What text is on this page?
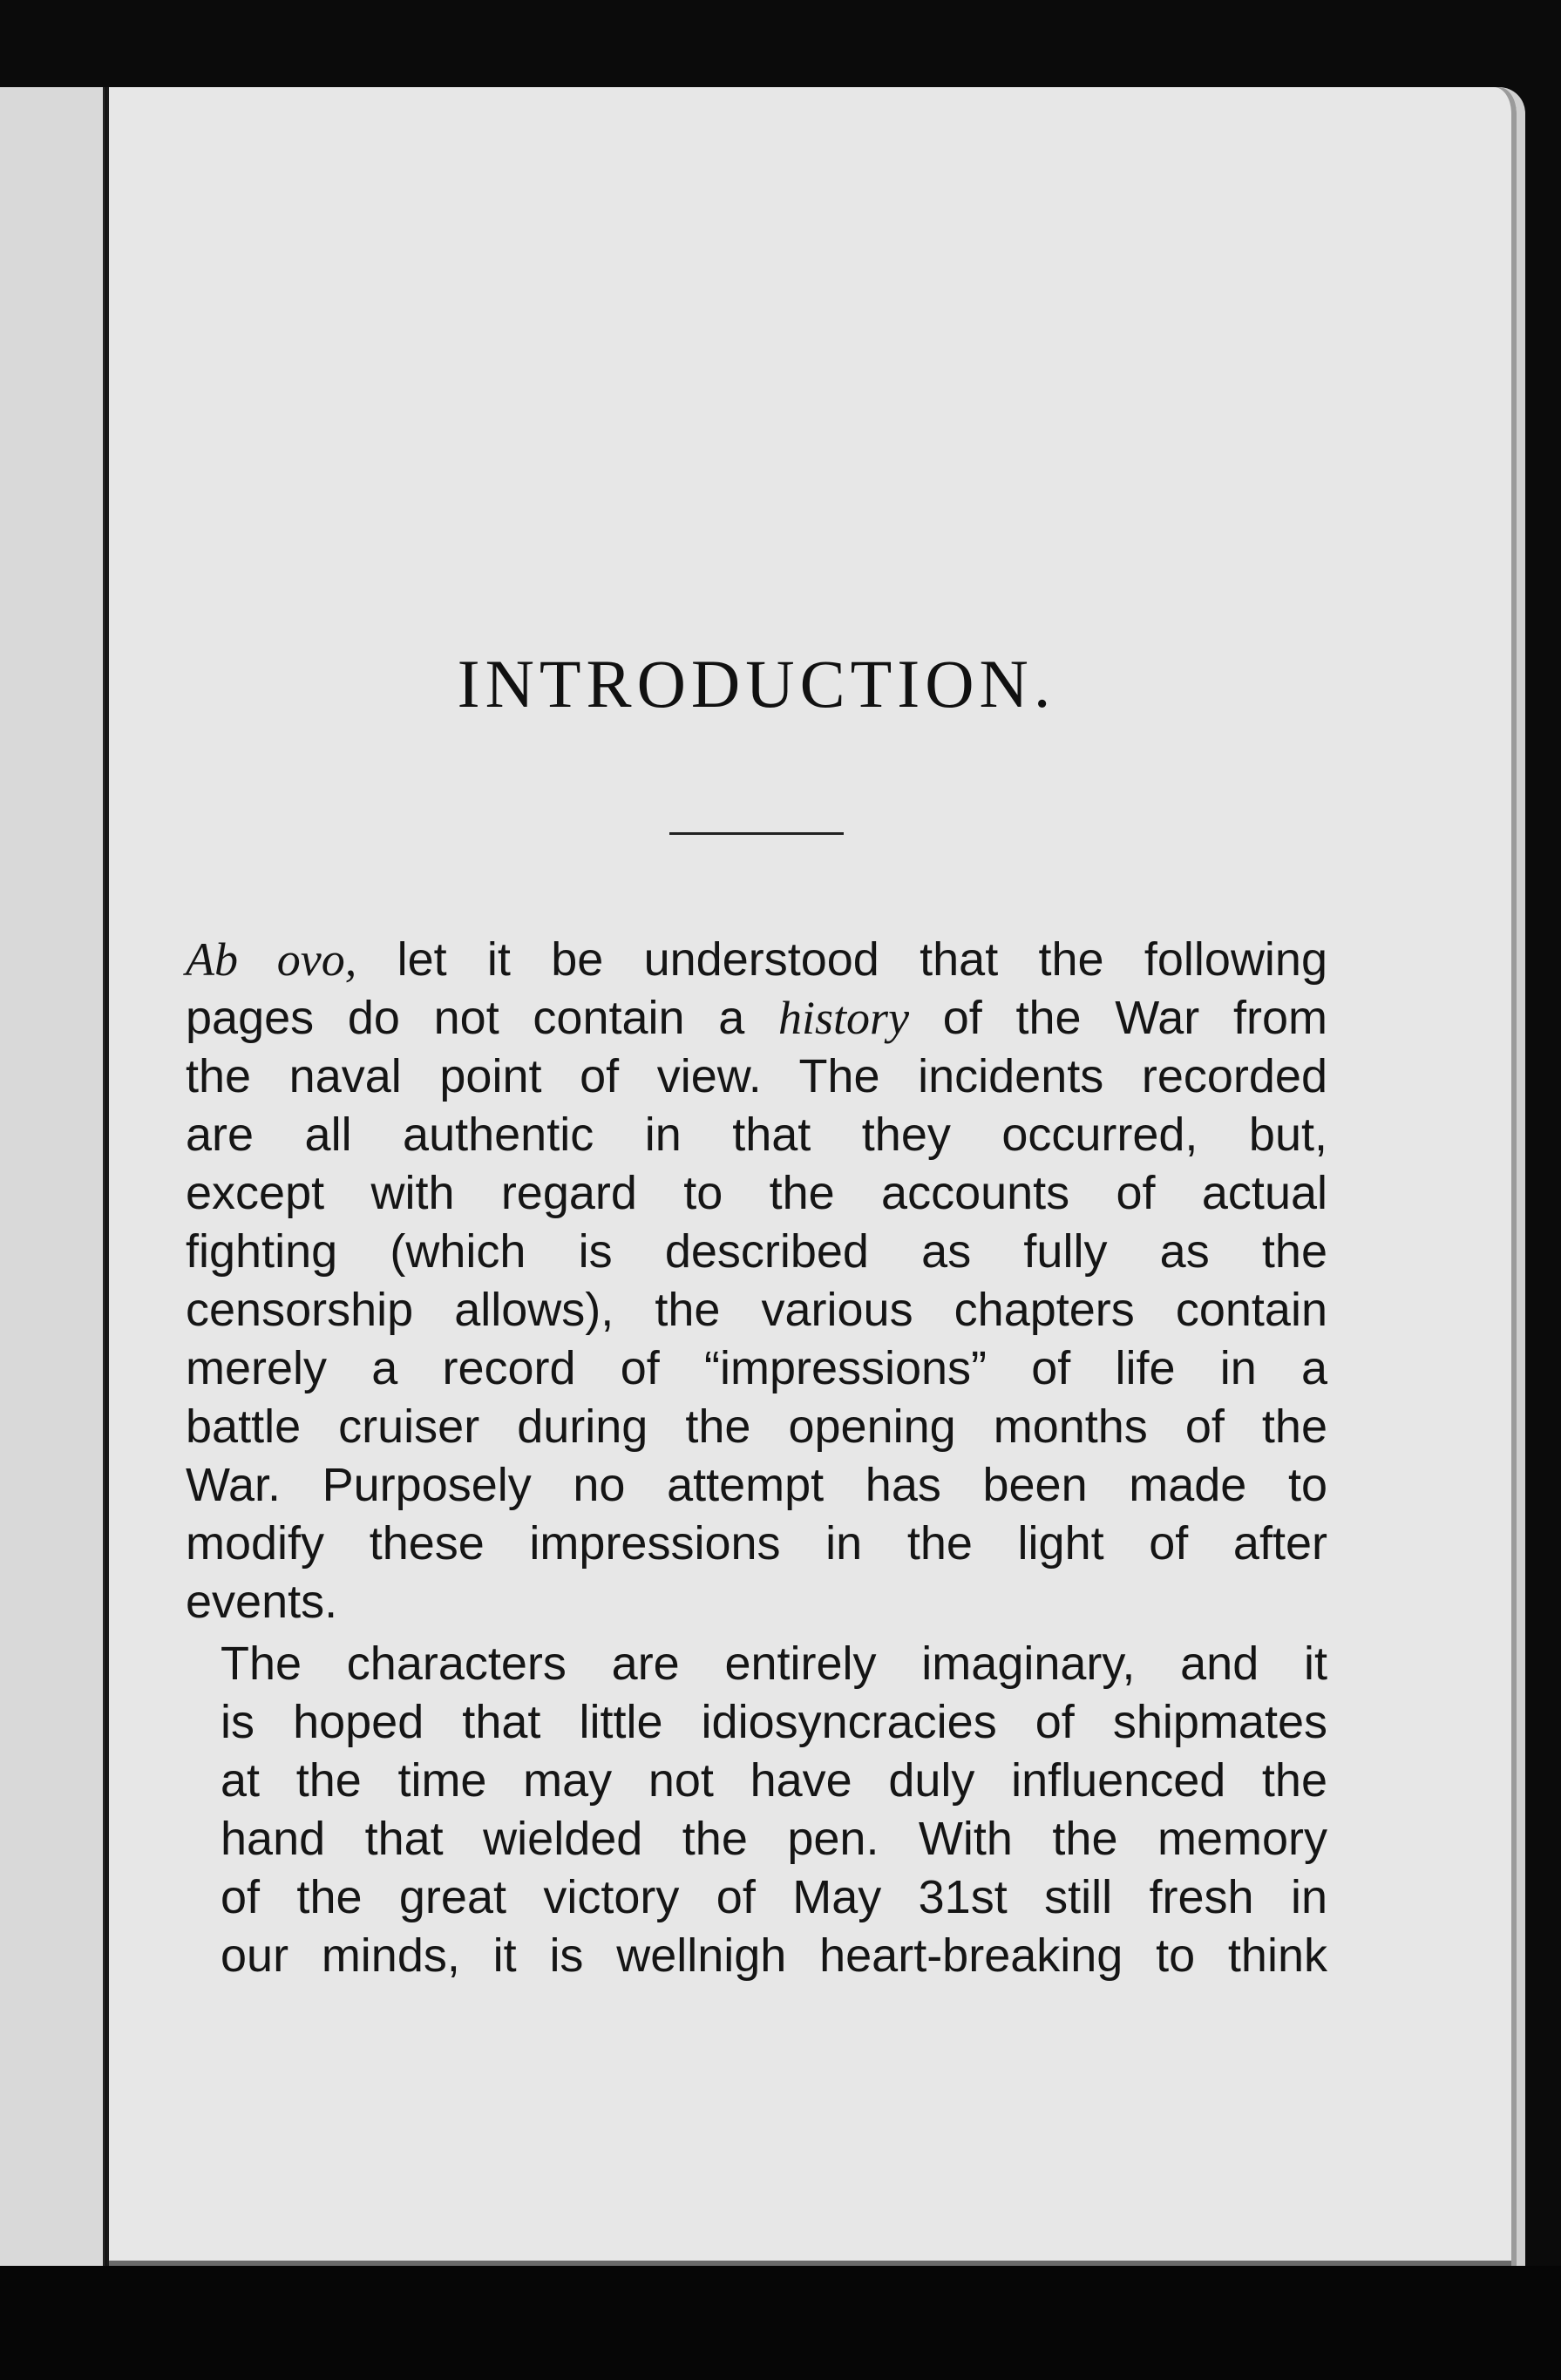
INTRODUCTION.

Ab ovo, let it be understood that the following
pages do not contain a history of the War from
the naval point of view. The incidents recorded
are all authentic in that they occurred, but,
except with regard to the accounts of actual
fighting (which is described as fully as the
censorship allows), the various chapters contain
merely a record of “impressions” of life in a
battle cruiser during the opening months of the
War. Purposely no attempt has been made to
modify these impressions in the light of after
events.

The characters are entirely imaginary, and it
is hoped that little idiosyncracies of shipmates
at the time may not have duly influenced the
hand that wielded the pen. With the memory
of the great victory of May 31st still fresh in
our minds, it is wellnigh heart-breaking to think
